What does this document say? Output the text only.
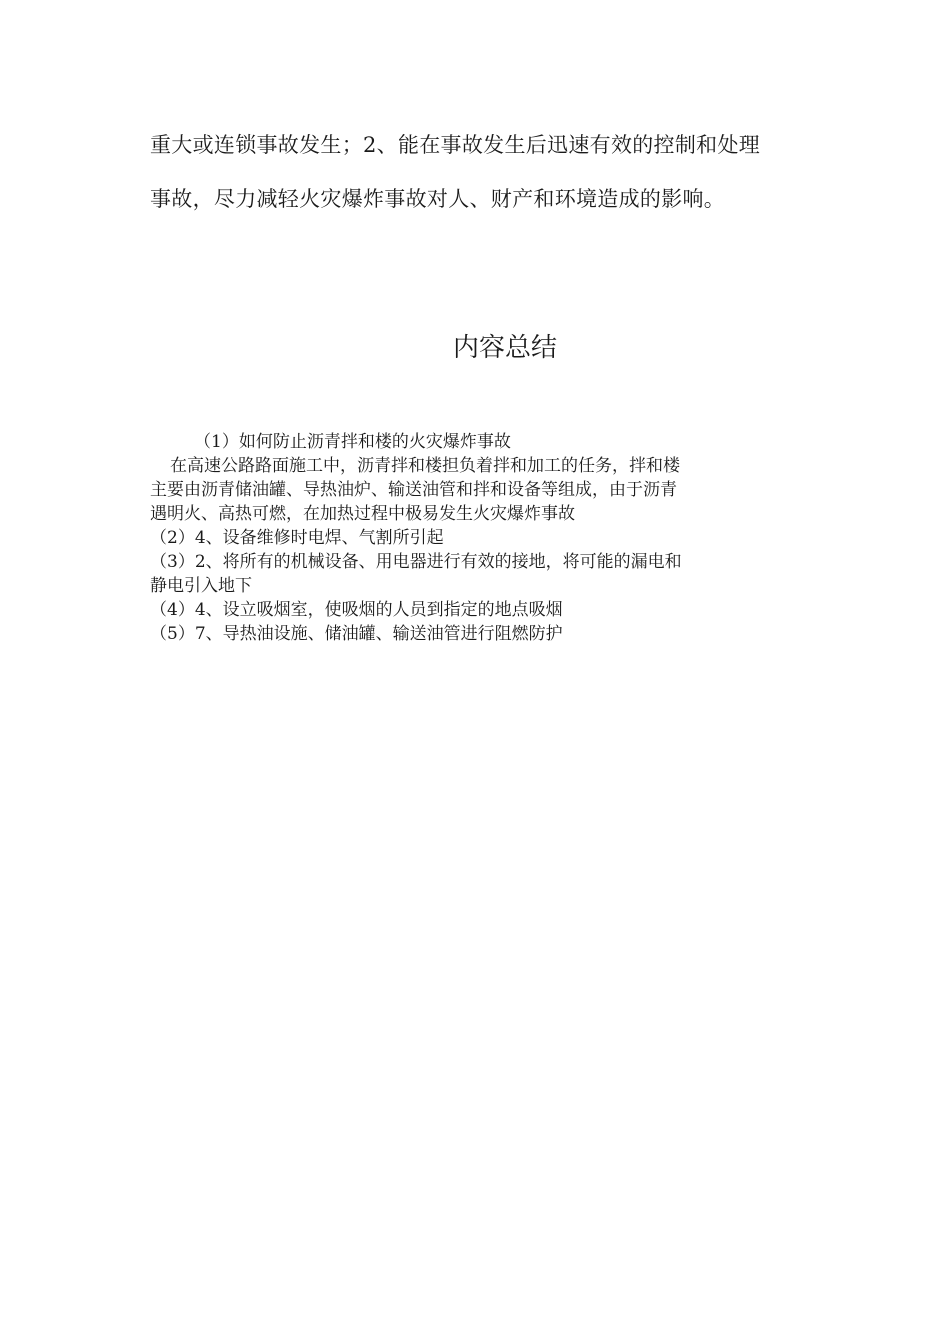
重大或连锁事故发生；2、能在事故发生后迅速有效的控制和处理
事故，尽力减轻火灾爆炸事故对人、财产和环境造成的影响。

内容总结

（1）如何防止沥青拌和楼的火灾爆炸事故

在高速公路路面施工中，沥青拌和楼担负着拌和加工的任务，拌和楼
主要由沥青储油罐、导热油炉、输送油管和拌和设备等组成，由于沥青
遇明火、高热可燃，在加热过程中极易发生火灾爆炸事故

（2）4、设备维修时电焊、气割所引起

（3）2、将所有的机械设备、用电器进行有效的接地，将可能的漏电和
静电引入地下

（4）4、设立吸烟室，使吸烟的人员到指定的地点吸烟

（5）7、导热油设施、储油罐、输送油管进行阻燃防护
